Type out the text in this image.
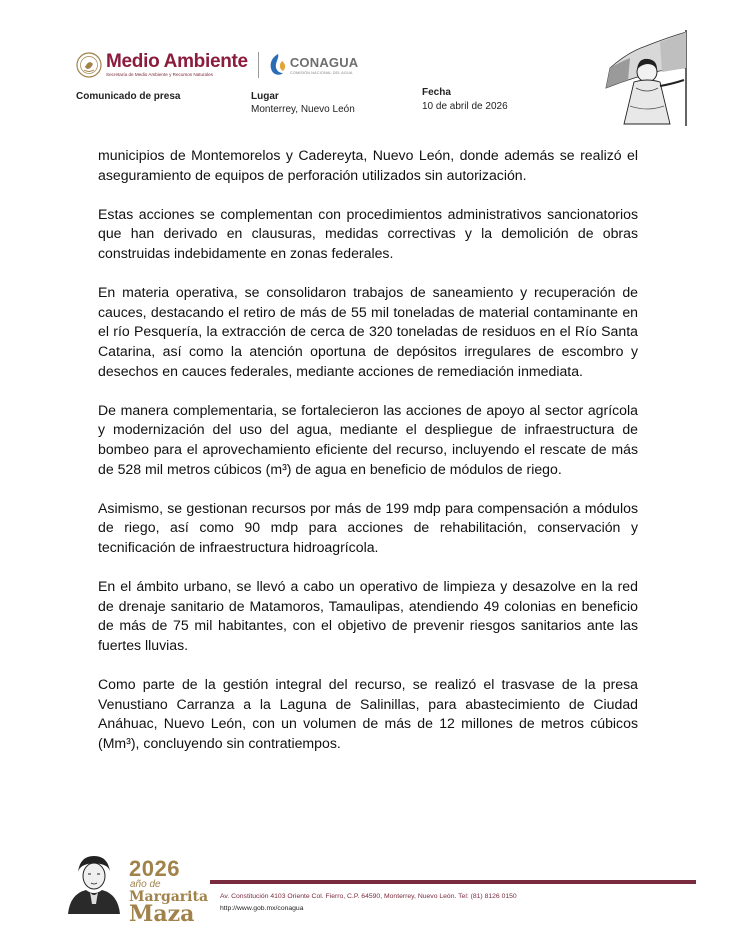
Medio Ambiente
Secretaría de Medio Ambiente y Recursos Naturales
CONAGUA
COMISIÓN NACIONAL DEL AGUA
Comunicado de presa	Lugar
Monterrey, Nuevo León
Fecha
10 de abril de 2026

municipios de Montemorelos y Cadereyta, Nuevo León, donde además se realizó el aseguramiento de equipos de perforación utilizados sin autorización.

Estas acciones se complementan con procedimientos administrativos sancionatorios que han derivado en clausuras, medidas correctivas y la demolición de obras construidas indebidamente en zonas federales.

En materia operativa, se consolidaron trabajos de saneamiento y recuperación de cauces, destacando el retiro de más de 55 mil toneladas de material contaminante en el río Pesquería, la extracción de cerca de 320 toneladas de residuos en el Río Santa Catarina, así como la atención oportuna de depósitos irregulares de escombro y desechos en cauces federales, mediante acciones de remediación inmediata.

De manera complementaria, se fortalecieron las acciones de apoyo al sector agrícola y modernización del uso del agua, mediante el despliegue de infraestructura de bombeo para el aprovechamiento eficiente del recurso, incluyendo el rescate de más de 528 mil metros cúbicos (m³) de agua en beneficio de módulos de riego.

Asimismo, se gestionan recursos por más de 199 mdp para compensación a módulos de riego, así como 90 mdp para acciones de rehabilitación, conservación y tecnificación de infraestructura hidroagrícola.

En el ámbito urbano, se llevó a cabo un operativo de limpieza y desazolve en la red de drenaje sanitario de Matamoros, Tamaulipas, atendiendo 49 colonias en beneficio de más de 75 mil habitantes, con el objetivo de prevenir riesgos sanitarios ante las fuertes lluvias.

Como parte de la gestión integral del recurso, se realizó el trasvase de la presa Venustiano Carranza a la Laguna de Salinillas, para abastecimiento de Ciudad Anáhuac, Nuevo León, con un volumen de más de 12 millones de metros cúbicos (Mm³), concluyendo sin contratiempos.

2026
año de
Margarita
Maza
Av. Constitución 4103 Oriente Col. Fierro, C.P. 64590, Monterrey, Nuevo León. Tel: (81) 8126 0150
http://www.gob.mx/conagua
